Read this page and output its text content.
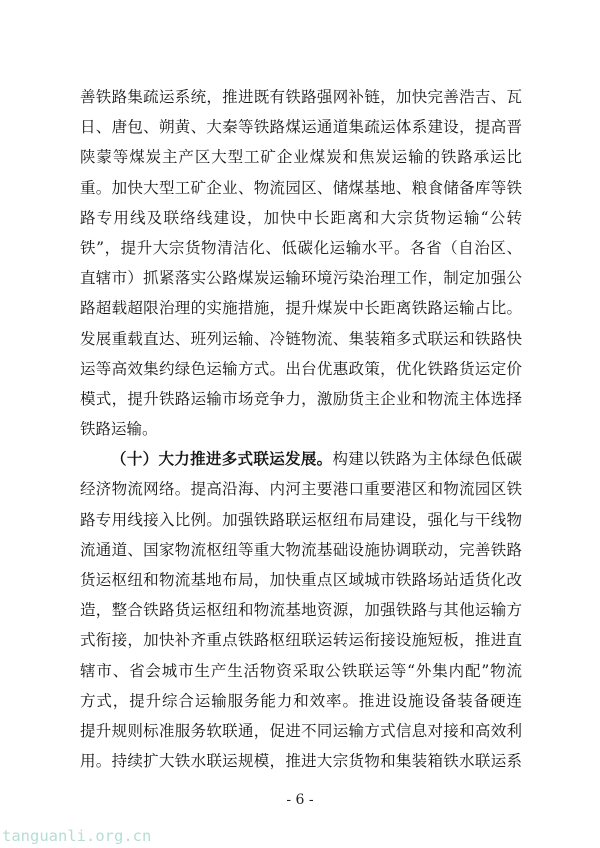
善铁路集疏运系统，推进既有铁路强网补链，加快完善浩吉、瓦
日、唐包、朔黄、大秦等铁路煤运通道集疏运体系建设，提高晋
陕蒙等煤炭主产区大型工矿企业煤炭和焦炭运输的铁路承运比
重。加快大型工矿企业、物流园区、储煤基地、粮食储备库等铁
路专用线及联络线建设，加快中长距离和大宗货物运输“公转
铁”，提升大宗货物清洁化、低碳化运输水平。各省（自治区、
直辖市）抓紧落实公路煤炭运输环境污染治理工作，制定加强公
路超载超限治理的实施措施，提升煤炭中长距离铁路运输占比。
发展重载直达、班列运输、冷链物流、集装箱多式联运和铁路快
运等高效集约绿色运输方式。出台优惠政策，优化铁路货运定价
模式，提升铁路运输市场竞争力，激励货主企业和物流主体选择
铁路运输。
（十）大力推进多式联运发展。构建以铁路为主体绿色低碳
经济物流网络。提高沿海、内河主要港口重要港区和物流园区铁
路专用线接入比例。加强铁路联运枢纽布局建设，强化与干线物
流通道、国家物流枢纽等重大物流基础设施协调联动，完善铁路
货运枢纽和物流基地布局，加快重点区域城市铁路场站适货化改
造，整合铁路货运枢纽和物流基地资源，加强铁路与其他运输方
式衔接，加快补齐重点铁路枢纽联运转运衔接设施短板，推进直
辖市、省会城市生产生活物资采取公铁联运等“外集内配”物流
方式，提升综合运输服务能力和效率。推进设施设备装备硬连
提升规则标准服务软联通，促进不同运输方式信息对接和高效利
用。持续扩大铁水联运规模，推进大宗货物和集装箱铁水联运系
- 6 -
tanguanli.org.cn
